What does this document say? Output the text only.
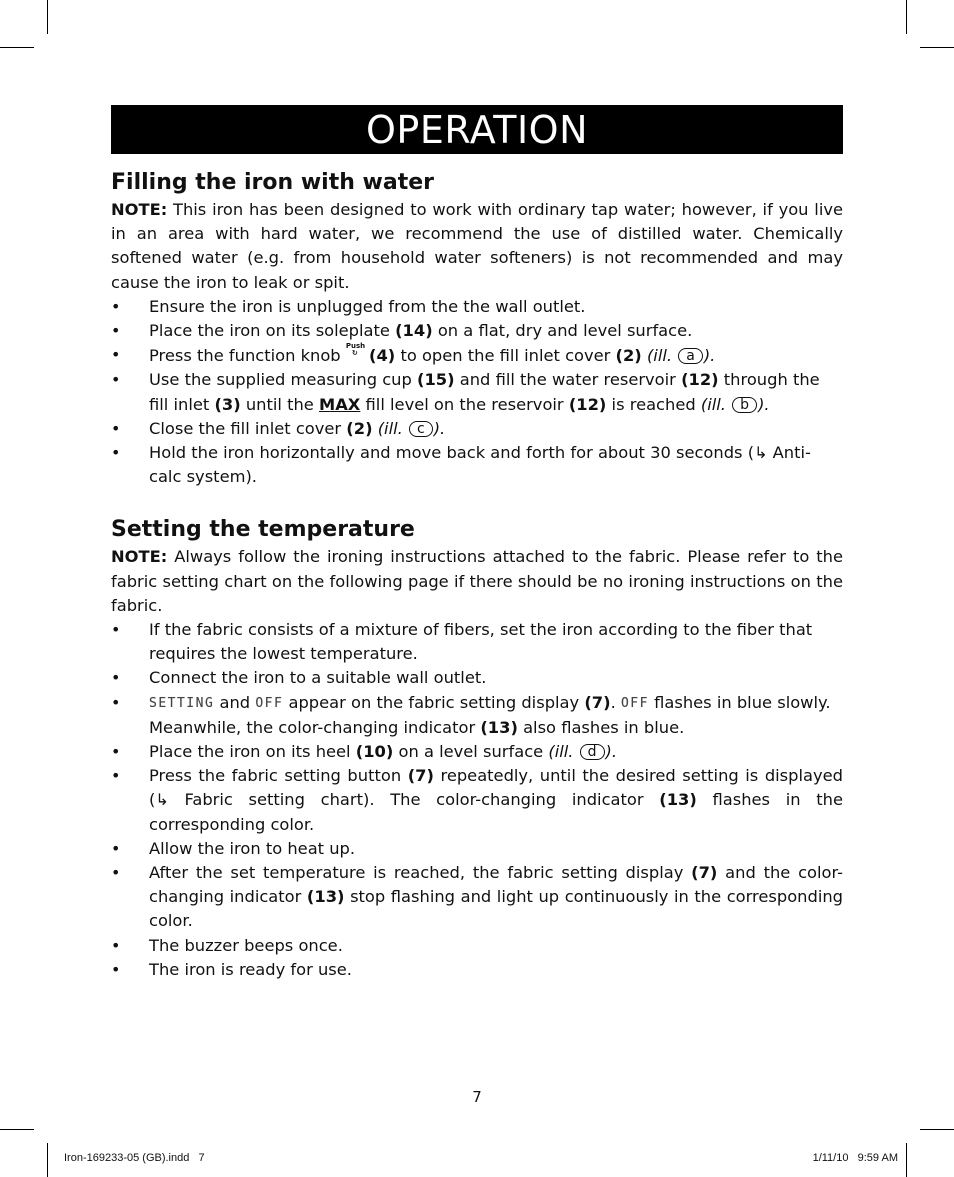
OPERATION
Filling the iron with water

NOTE: This iron has been designed to work with ordinary tap water; however, if you live in an area with hard water, we recommend the use of distilled water. Chemically softened water (e.g. from household water softeners) is not recommended and may cause the iron to leak or spit.

• Ensure the iron is unplugged from the the wall outlet.
• Place the iron on its soleplate (14) on a flat, dry and level surface.
• Press the function knob Push
↻ (4) to open the fill inlet cover (2) (ill. a ).
• Use the supplied measuring cup (15) and fill the water reservoir (12) through the fill inlet (3) until the MAX fill level on the reservoir (12) is reached (ill. b ).
• Close the fill inlet cover (2) (ill. c ).
• Hold the iron horizontally and move back and forth for about 30 seconds (↳ Anti-calc system).
Setting the temperature

NOTE: Always follow the ironing instructions attached to the fabric. Please refer to the fabric setting chart on the following page if there should be no ironing instructions on the fabric.

• If the fabric consists of a mixture of fibers, set the iron according to the fiber that requires the lowest temperature.
• Connect the iron to a suitable wall outlet.
• SETTING and OFF appear on the fabric setting display (7). OFF flashes in blue slowly. Meanwhile, the color-changing indicator (13) also flashes in blue.
• Place the iron on its heel (10) on a level surface (ill. d ).
• Press the fabric setting button (7) repeatedly, until the desired setting is displayed (↳ Fabric setting chart). The color-changing indicator (13) flashes in the corresponding color.
• Allow the iron to heat up.
• After the set temperature is reached, the fabric setting display (7) and the color-changing indicator (13) stop flashing and light up continuously in the corresponding color.
• The buzzer beeps once.
• The iron is ready for use.
7
Iron-169233-05 (GB).indd   7	1/11/10   9:59 AM
